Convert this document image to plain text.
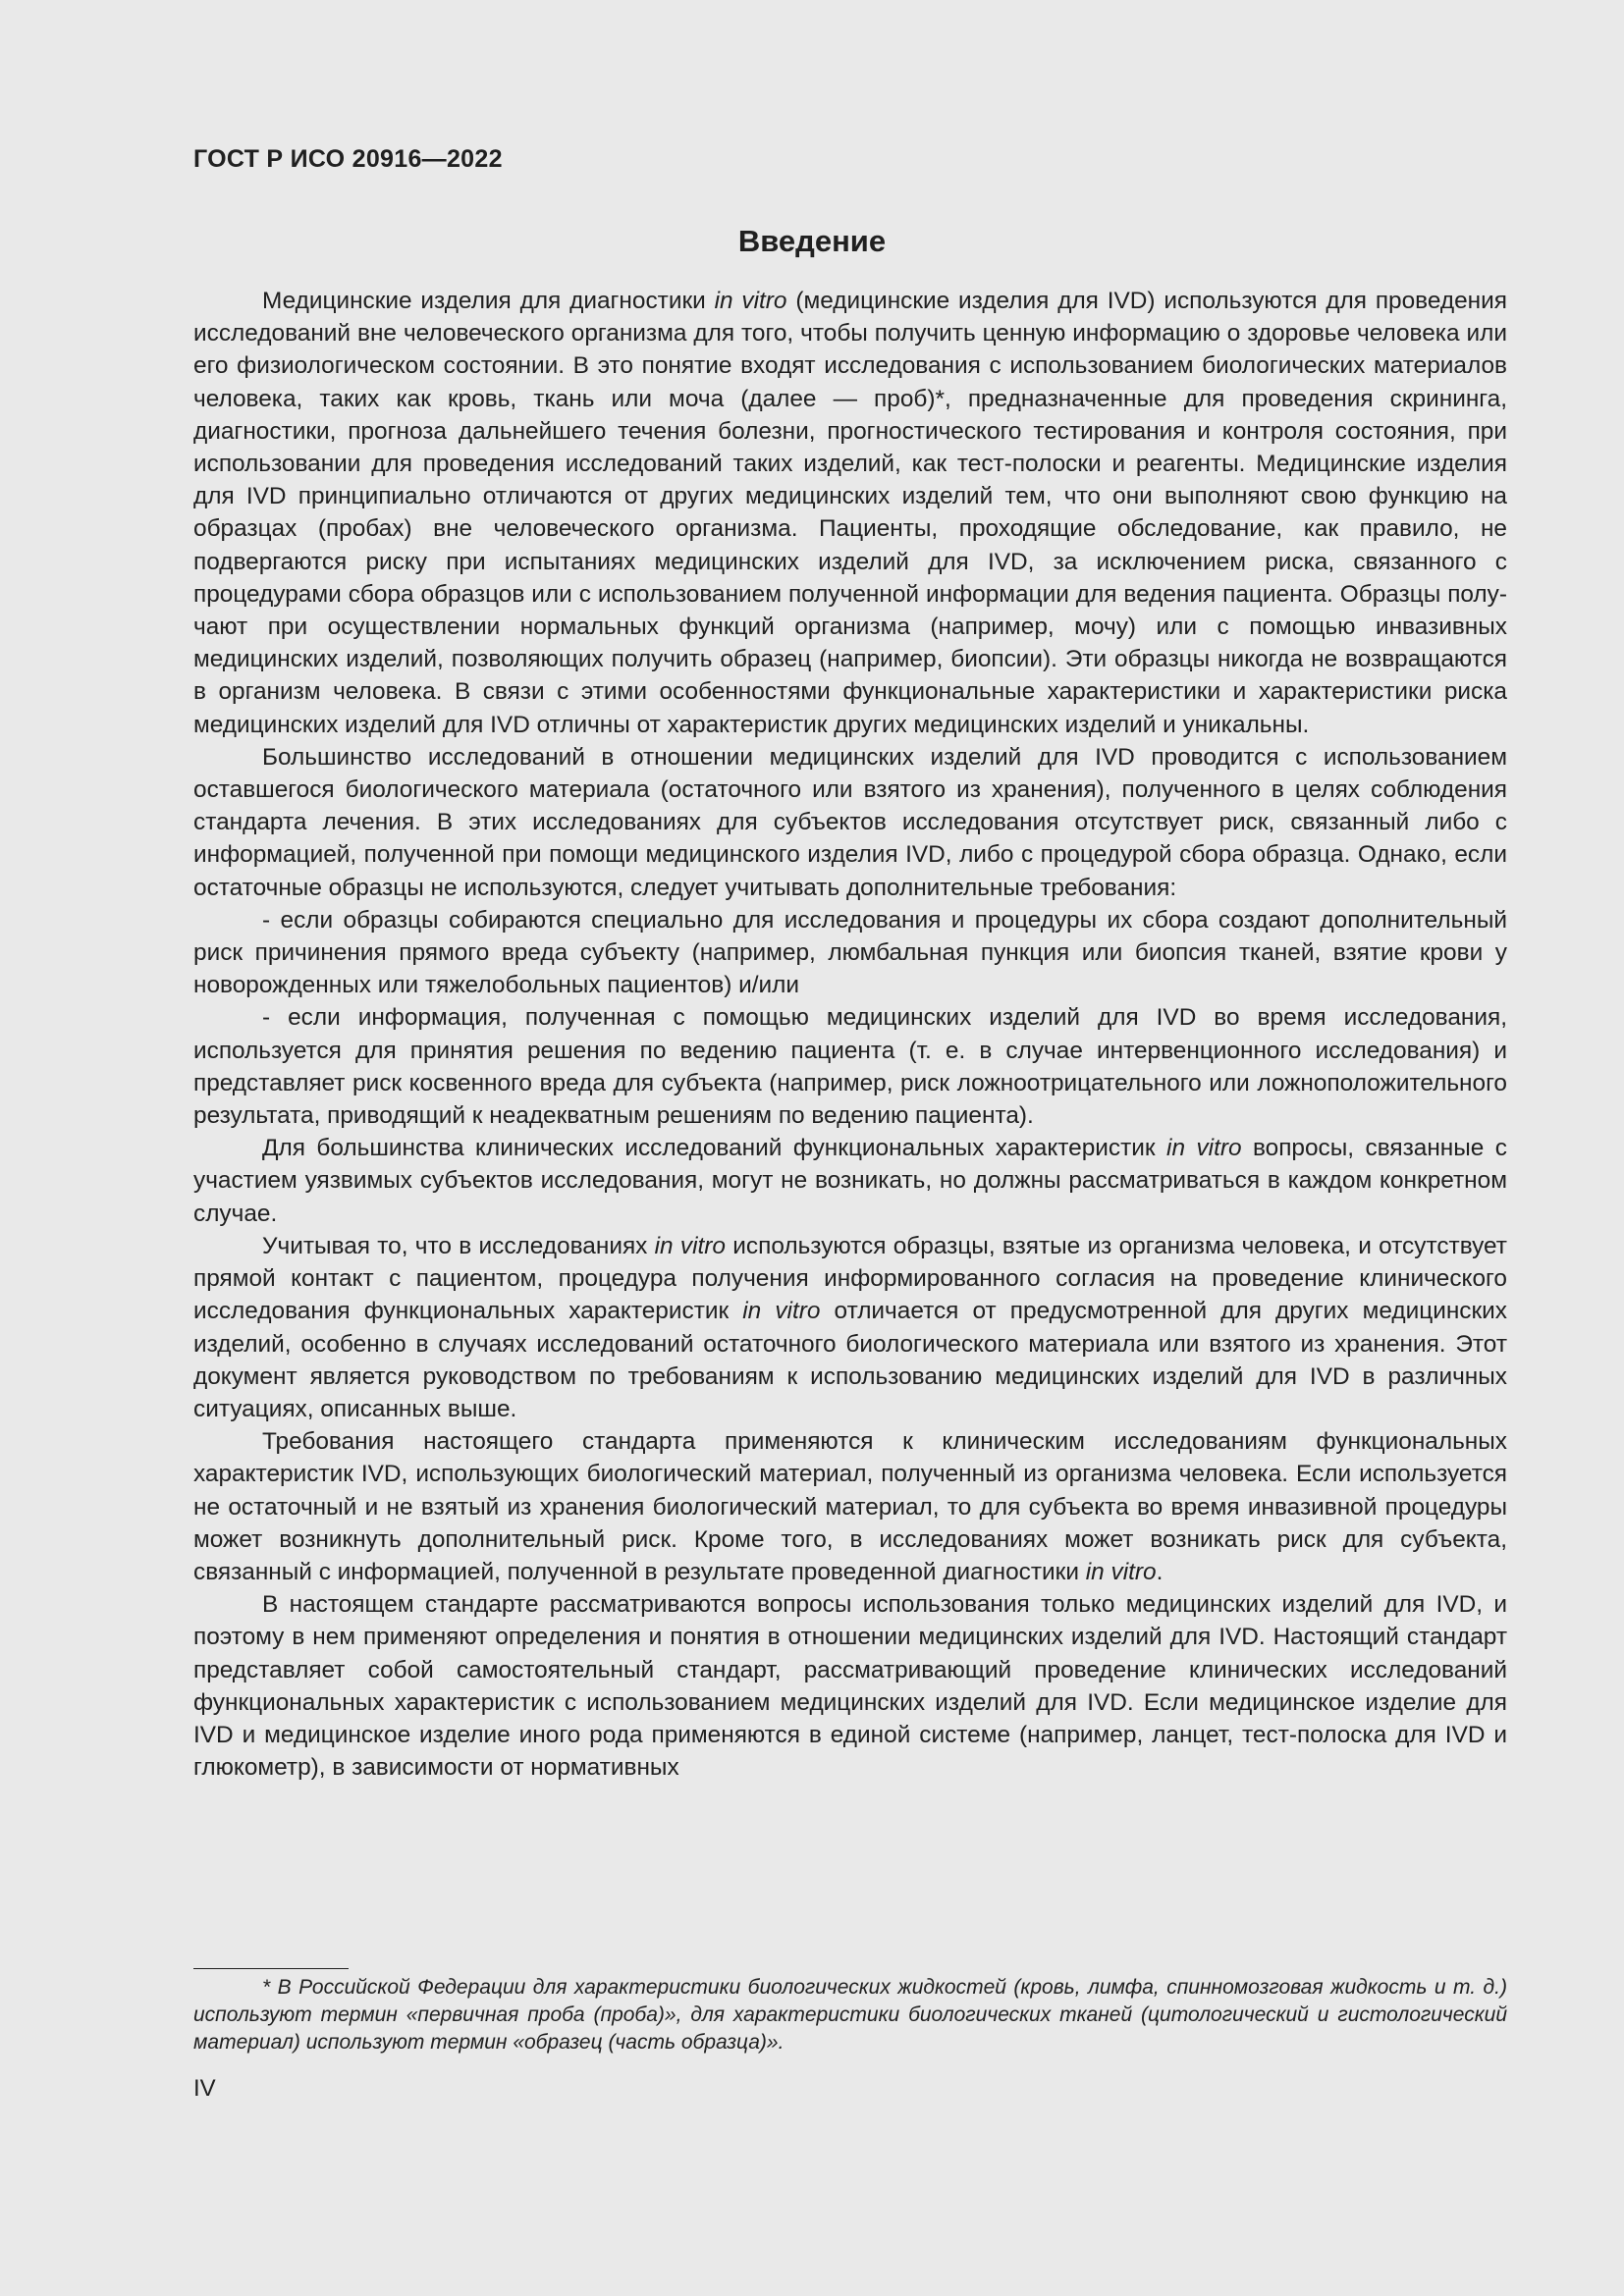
ГОСТ Р ИСО 20916—2022

Введение

Медицинские изделия для диагностики in vitro (медицинские изделия для IVD) используются для проведения исследований вне человеческого организма для того, чтобы получить ценную информацию о здоровье человека или его физиологическом состоянии. В это понятие входят исследования с использованием биологических материалов человека, таких как кровь, ткань или моча (далее — проб)*, предназначенные для проведения скрининга, диагностики, прогноза дальнейшего течения болезни, прогностического тестирования и контроля состояния, при использовании для проведения исследований таких изделий, как тест-полоски и реагенты. Медицинские изделия для IVD принципиально отличаются от других медицинских изделий тем, что они выполняют свою функцию на образцах (пробах) вне человеческого организма. Пациенты, проходящие обследование, как правило, не подвергаются риску при испытаниях медицинских изделий для IVD, за исключением риска, связанного с процедурами сбора образцов или с использованием полученной информации для ведения пациента. Образцы получают при осуществлении нормальных функций организма (например, мочу) или с помощью инвазивных медицинских изделий, позволяющих получить образец (например, биопсии). Эти образцы никогда не возвращаются в организм человека. В связи с этими особенностями функциональные характеристики и характеристики риска медицинских изделий для IVD отличны от характеристик других медицинских изделий и уникальны.

Большинство исследований в отношении медицинских изделий для IVD проводится с использованием оставшегося биологического материала (остаточного или взятого из хранения), полученного в целях соблюдения стандарта лечения. В этих исследованиях для субъектов исследования отсутствует риск, связанный либо с информацией, полученной при помощи медицинского изделия IVD, либо с процедурой сбора образца. Однако, если остаточные образцы не используются, следует учитывать дополнительные требования:

- если образцы собираются специально для исследования и процедуры их сбора создают дополнительный риск причинения прямого вреда субъекту (например, люмбальная пункция или биопсия тканей, взятие крови у новорожденных или тяжелобольных пациентов) и/или

- если информация, полученная с помощью медицинских изделий для IVD во время исследования, используется для принятия решения по ведению пациента (т. е. в случае интервенционного исследования) и представляет риск косвенного вреда для субъекта (например, риск ложноотрицательного или ложноположительного результата, приводящий к неадекватным решениям по ведению пациента).

Для большинства клинических исследований функциональных характеристик in vitro вопросы, связанные с участием уязвимых субъектов исследования, могут не возникать, но должны рассматриваться в каждом конкретном случае.

Учитывая то, что в исследованиях in vitro используются образцы, взятые из организма человека, и отсутствует прямой контакт с пациентом, процедура получения информированного согласия на проведение клинического исследования функциональных характеристик in vitro отличается от предусмотренной для других медицинских изделий, особенно в случаях исследований остаточного биологического материала или взятого из хранения. Этот документ является руководством по требованиям к использованию медицинских изделий для IVD в различных ситуациях, описанных выше.

Требования настоящего стандарта применяются к клиническим исследованиям функциональных характеристик IVD, использующих биологический материал, полученный из организма человека. Если используется не остаточный и не взятый из хранения биологический материал, то для субъекта во время инвазивной процедуры может возникнуть дополнительный риск. Кроме того, в исследованиях может возникать риск для субъекта, связанный с информацией, полученной в результате проведенной диагностики in vitro.

В настоящем стандарте рассматриваются вопросы использования только медицинских изделий для IVD, и поэтому в нем применяют определения и понятия в отношении медицинских изделий для IVD. Настоящий стандарт представляет собой самостоятельный стандарт, рассматривающий проведение клинических исследований функциональных характеристик с использованием медицинских изделий для IVD. Если медицинское изделие для IVD и медицинское изделие иного рода применяются в единой системе (например, ланцет, тест-полоска для IVD и глюкометр), в зависимости от нормативных

* В Российской Федерации для характеристики биологических жидкостей (кровь, лимфа, спинномозговая жидкость и т. д.) используют термин «первичная проба (проба)», для характеристики биологических тканей (цитологический и гистологический материал) используют термин «образец (часть образца)».

IV
